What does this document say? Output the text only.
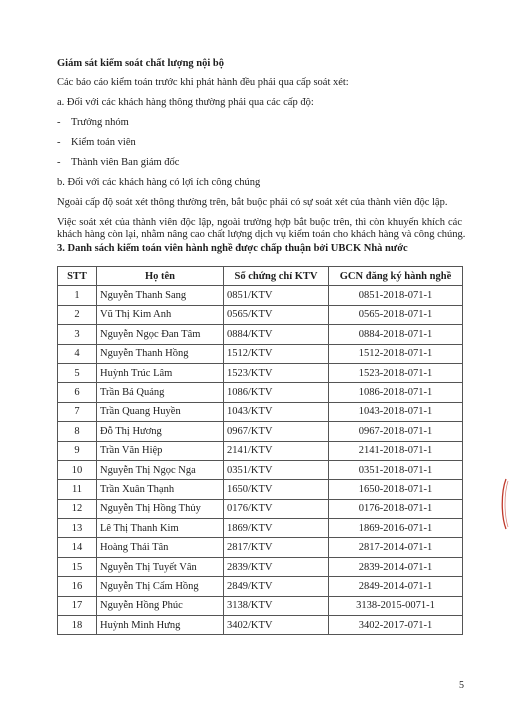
Giám sát kiểm soát chất lượng nội bộ
Các báo cáo kiểm toán trước khi phát hành đều phải qua cấp soát xét:
a. Đối với các khách hàng thông thường phải qua các cấp độ:
- Trưởng nhóm
- Kiểm toán viên
- Thành viên Ban giám đốc
b. Đối với các khách hàng có lợi ích công chúng
Ngoài cấp độ soát xét thông thường trên, bắt buộc phải có sự soát xét của thành viên độc lập.
Việc soát xét của thành viên độc lập, ngoài trường hợp bắt buộc trên, thì còn khuyến khích các
3. Danh sách kiểm toán viên hành nghề được chấp thuận bởi UBCK Nhà nước
STT	Họ tên	Số chứng chỉ KTV	GCN đăng ký hành nghề
1	Nguyễn Thanh Sang	0851/KTV	0851-2018-071-1
2	Vũ Thị Kim Anh	0565/KTV	0565-2018-071-1
3	Nguyễn Ngọc Đan Tâm	0884/KTV	0884-2018-071-1
4	Nguyễn Thanh Hồng	1512/KTV	1512-2018-071-1
5	Huỳnh Trúc Lâm	1523/KTV	1523-2018-071-1
6	Trần Bá Quảng	1086/KTV	1086-2018-071-1
7	Trần Quang Huyền	1043/KTV	1043-2018-071-1
8	Đỗ Thị Hương	0967/KTV	0967-2018-071-1
9	Trần Văn Hiệp	2141/KTV	2141-2018-071-1
10	Nguyễn Thị Ngọc Nga	0351/KTV	0351-2018-071-1
11	Trần Xuân Thạnh	1650/KTV	1650-2018-071-1
12	Nguyễn Thị Hồng Thủy	0176/KTV	0176-2018-071-1
13	Lê Thị Thanh Kim	1869/KTV	1869-2016-071-1
14	Hoàng Thái Tân	2817/KTV	2817-2014-071-1
15	Nguyễn Thị Tuyết Vân	2839/KTV	2839-2014-071-1
16	Nguyễn Thị Cẩm Hồng	2849/KTV	2849-2014-071-1
17	Nguyễn Hồng Phúc	3138/KTV	3138-2015-0071-1
18	Huỳnh Minh Hưng	3402/KTV	3402-2017-071-1
5
khách hàng còn lại, nhằm nâng cao chất lượng dịch vụ kiểm toán cho khách hàng và công chúng.
